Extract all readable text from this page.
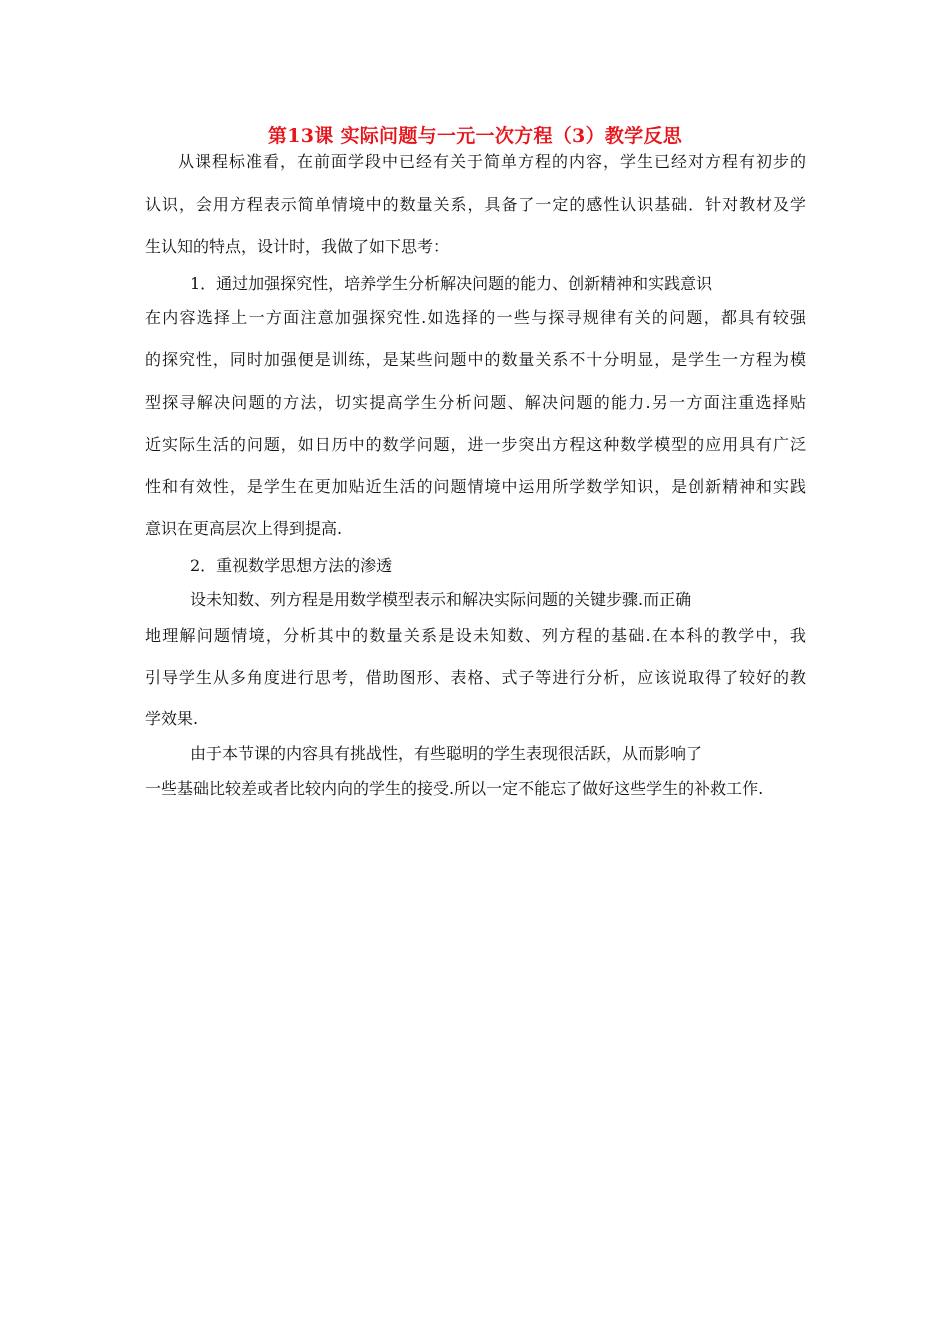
第13课 实际问题与一元一次方程（3）教学反思
从课程标准看，在前面学段中已经有关于简单方程的内容，学生已经对方程有初步的
认识，会用方程表示简单情境中的数量关系，具备了一定的感性认识基础．针对教材及学
生认知的特点，设计时，我做了如下思考：
1．通过加强探究性，培养学生分析解决问题的能力、创新精神和实践意识
在内容选择上一方面注意加强探究性.如选择的一些与探寻规律有关的问题，都具有较强
的探究性，同时加强便是训练，是某些问题中的数量关系不十分明显，是学生一方程为模
型探寻解决问题的方法，切实提高学生分析问题、解决问题的能力.另一方面注重选择贴
近实际生活的问题，如日历中的数学问题，进一步突出方程这种数学模型的应用具有广泛
性和有效性，是学生在更加贴近生活的问题情境中运用所学数学知识，是创新精神和实践
意识在更高层次上得到提高.
2．重视数学思想方法的渗透
设未知数、列方程是用数学模型表示和解决实际问题的关键步骤.而正确
地理解问题情境，分析其中的数量关系是设未知数、列方程的基础.在本科的教学中，我
引导学生从多角度进行思考，借助图形、表格、式子等进行分析，应该说取得了较好的教
学效果.
由于本节课的内容具有挑战性，有些聪明的学生表现很活跃，从而影响了
一些基础比较差或者比较内向的学生的接受.所以一定不能忘了做好这些学生的补救工作.
